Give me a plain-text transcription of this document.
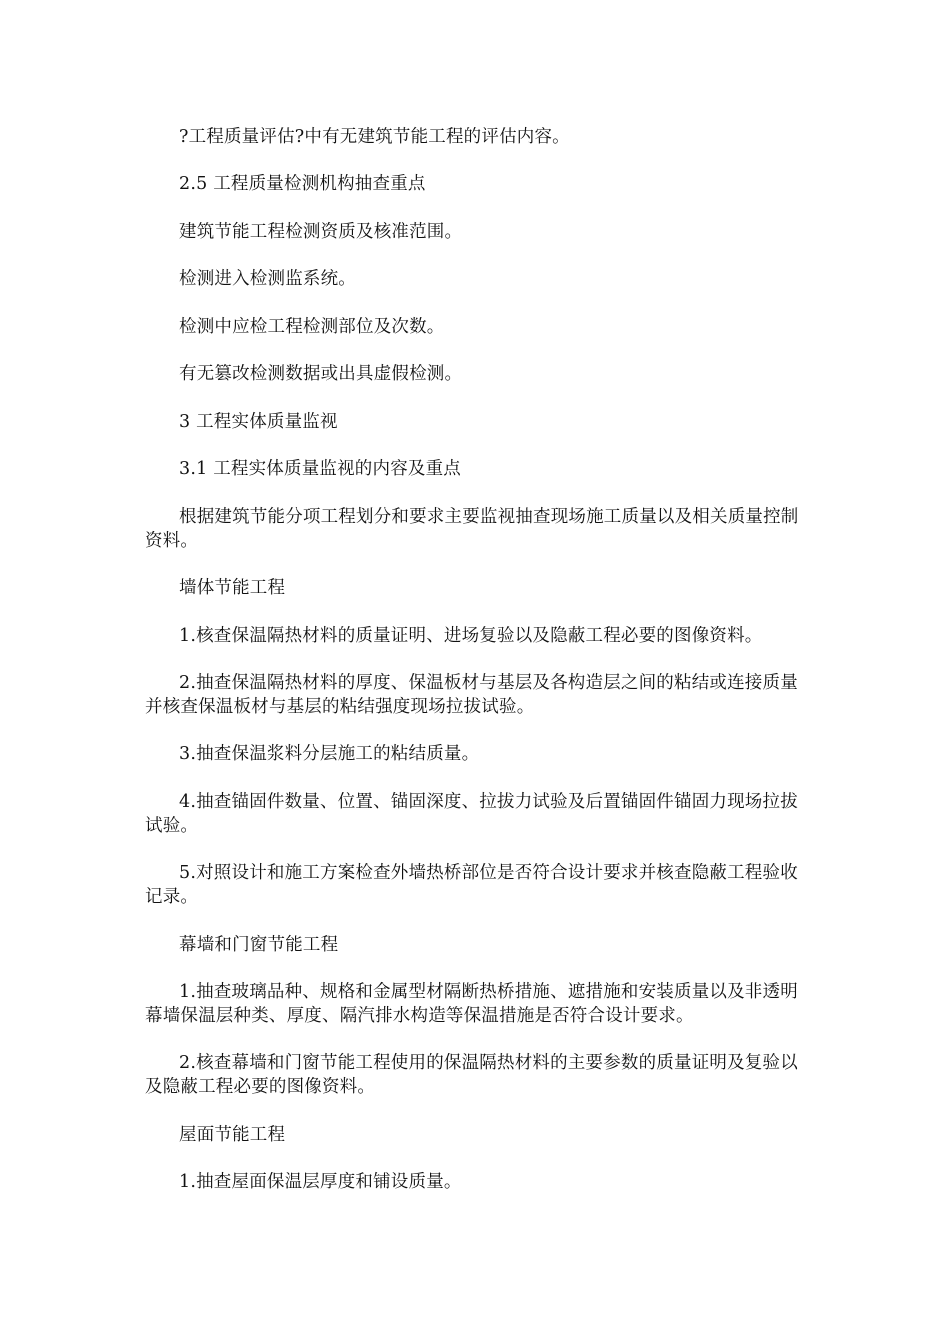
?工程质量评估?中有无建筑节能工程的评估内容。

2.5 工程质量检测机构抽查重点

建筑节能工程检测资质及核准范围。

检测进入检测监系统。

检测中应检工程检测部位及次数。

有无篡改检测数据或出具虚假检测。

3 工程实体质量监视

3.1 工程实体质量监视的内容及重点

根据建筑节能分项工程划分和要求主要监视抽查现场施工质量以及相关质量控制资料。

墙体节能工程

1.核查保温隔热材料的质量证明、进场复验以及隐蔽工程必要的图像资料。

2.抽查保温隔热材料的厚度、保温板材与基层及各构造层之间的粘结或连接质量并核查保温板材与基层的粘结强度现场拉拔试验。

3.抽查保温浆料分层施工的粘结质量。

4.抽查锚固件数量、位置、锚固深度、拉拔力试验及后置锚固件锚固力现场拉拔试验。

5.对照设计和施工方案检查外墙热桥部位是否符合设计要求并核查隐蔽工程验收记录。

幕墙和门窗节能工程

1.抽查玻璃品种、规格和金属型材隔断热桥措施、遮措施和安装质量以及非透明幕墙保温层种类、厚度、隔汽排水构造等保温措施是否符合设计要求。

2.核查幕墙和门窗节能工程使用的保温隔热材料的主要参数的质量证明及复验以及隐蔽工程必要的图像资料。

屋面节能工程

1.抽查屋面保温层厚度和铺设质量。
